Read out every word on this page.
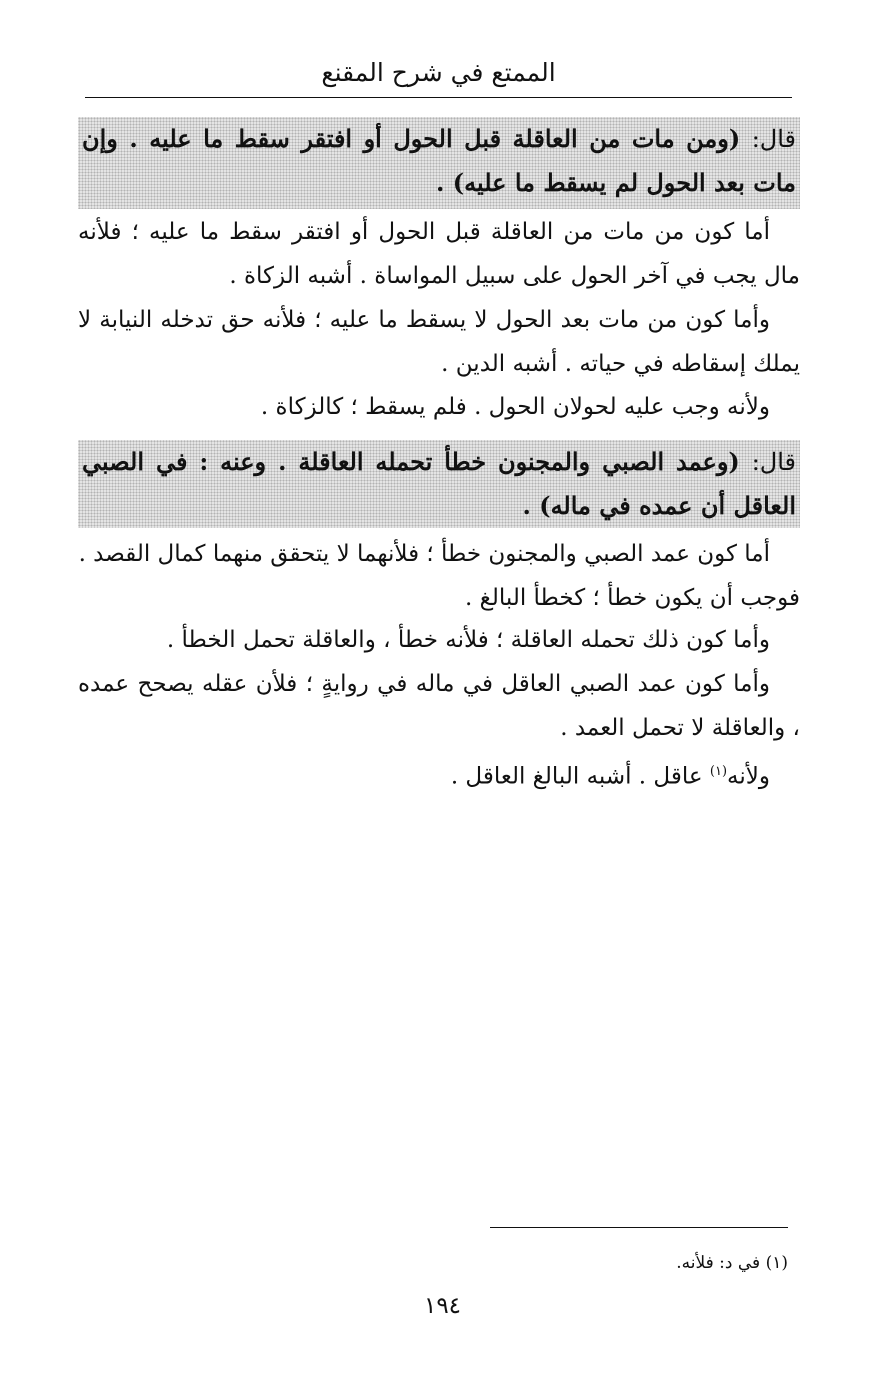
الممتع في شرح المقنع
قال: (ومن مات من العاقلة قبل الحول أو افتقر سقط ما عليه . وإن مات بعد الحول لم يسقط ما عليه) .
أما كون من مات من العاقلة قبل الحول أو افتقر سقط ما عليه ؛ فلأنه مال يجب في آخر الحول على سبيل المواساة . أشبه الزكاة .
وأما كون من مات بعد الحول لا يسقط ما عليه ؛ فلأنه حق تدخله النيابة لا يملك إسقاطه في حياته . أشبه الدين .
ولأنه وجب عليه لحولان الحول . فلم يسقط ؛ كالزكاة .
قال: (وعمد الصبي والمجنون خطأ تحمله العاقلة . وعنه : في الصبي العاقل أن عمده في ماله) .
أما كون عمد الصبي والمجنون خطأ ؛ فلأنهما لا يتحقق منهما كمال القصد .
فوجب أن يكون خطأ ؛ كخطأ البالغ .
وأما كون ذلك تحمله العاقلة ؛ فلأنه خطأ ، والعاقلة تحمل الخطأ .
وأما كون عمد الصبي العاقل في ماله في روايةٍ ؛ فلأن عقله يصحح عمده ، والعاقلة لا تحمل العمد .
ولأنه$^{(١)}$ عاقل . أشبه البالغ العاقل .
(١) في د: فلأنه.
١٩٤
